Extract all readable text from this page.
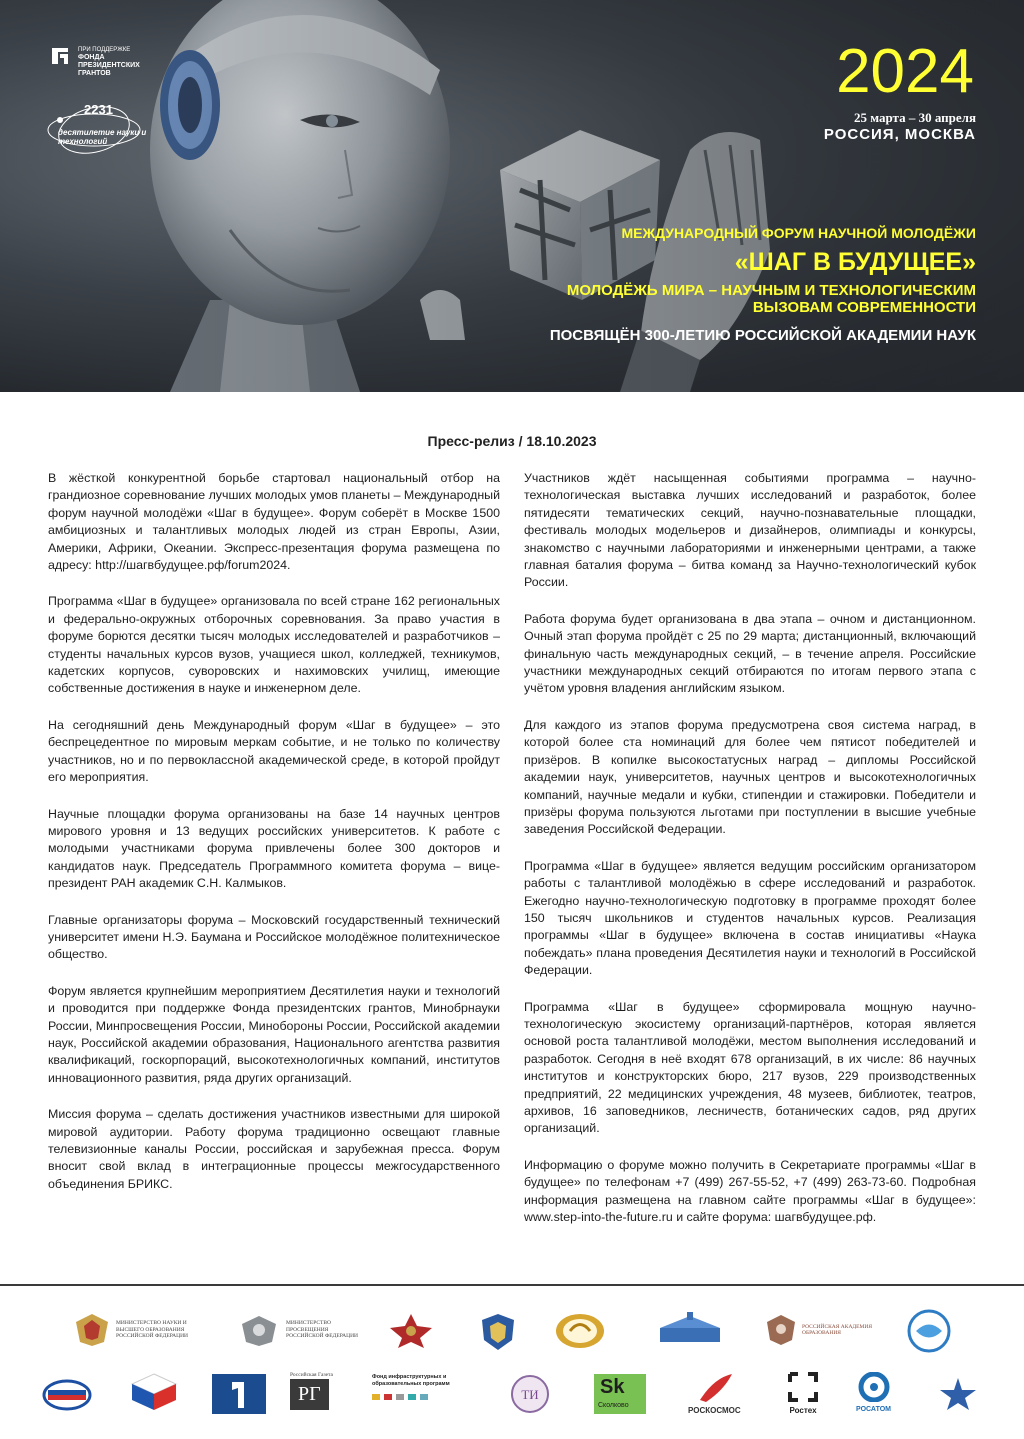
ПРИ ПОДДЕРЖКЕ
ФОНДА ПРЕЗИДЕНТСКИХ ГРАНТОВ
2231
десятилетие науки и технологий
2024
25 марта – 30 апреля
РОССИЯ, МОСКВА
МЕЖДУНАРОДНЫЙ ФОРУМ НАУЧНОЙ МОЛОДЁЖИ
«ШАГ В БУДУЩЕЕ»
МОЛОДЁЖЬ МИРА – НАУЧНЫМ И ТЕХНОЛОГИЧЕСКИМ ВЫЗОВАМ СОВРЕМЕННОСТИ
ПОСВЯЩЁН 300-ЛЕТИЮ РОССИЙСКОЙ АКАДЕМИИ НАУК
Пресс-релиз / 18.10.2023

В жёсткой конкурентной борьбе стартовал национальный отбор на грандиозное соревнование лучших молодых умов планеты – Международный форум научной молодёжи «Шаг в будущее». Форум соберёт в Москве 1500 амбициозных и талантливых молодых людей из стран Европы, Азии, Америки, Африки, Океании. Экспресс-презентация форума размещена по адресу: http://шагвбудущее.рф/forum2024.

Программа «Шаг в будущее» организовала по всей стране 162 региональных и федерально-окружных отборочных соревнования. За право участия в форуме борются десятки тысяч молодых исследователей и разработчиков – студенты начальных курсов вузов, учащиеся школ, колледжей, техникумов, кадетских корпусов, суворовских и нахимовских училищ, имеющие собственные достижения в науке и инженерном деле.

На сегодняшний день Международный форум «Шаг в будущее» – это беспрецедентное по мировым меркам событие, и не только по количеству участников, но и по первоклассной академической среде, в которой пройдут его мероприятия.

Научные площадки форума организованы на базе 14 научных центров мирового уровня и 13 ведущих российских университетов. К работе с молодыми участниками форума привлечены более 300 докторов и кандидатов наук. Председатель Программного комитета форума – вице-президент РАН академик С.Н. Калмыков.

Главные организаторы форума – Московский государственный технический университет имени Н.Э. Баумана и Российское молодёжное политехническое общество.

Форум является крупнейшим мероприятием Десятилетия науки и технологий и проводится при поддержке Фонда президентских грантов, Минобрнауки России, Минпросвещения России, Минобороны России, Российской академии наук, Российской академии образования, Национального агентства развития квалификаций, госкорпораций, высокотехнологичных компаний, институтов инновационного развития, ряда других организаций.

Миссия форума – сделать достижения участников известными для широкой мировой аудитории. Работу форума традиционно освещают главные телевизионные каналы России, российская и зарубежная пресса. Форум вносит свой вклад в интеграционные процессы межгосударственного объединения БРИКС.

Участников ждёт насыщенная событиями программа – научно-технологическая выставка лучших исследований и разработок, более пятидесяти тематических секций, научно-познавательные площадки, фестиваль молодых модельеров и дизайнеров, олимпиады и конкурсы, знакомство с научными лабораториями и инженерными центрами, а также главная баталия форума – битва команд за Научно-технологический кубок России.

Работа форума будет организована в два этапа – очном и дистанционном. Очный этап форума пройдёт с 25 по 29 марта; дистанционный, включающий финальную часть международных секций, – в течение апреля. Российские участники международных секций отбираются по итогам первого этапа с учётом уровня владения английским языком.

Для каждого из этапов форума предусмотрена своя система наград, в которой более ста номинаций для более чем пятисот победителей и призёров. В копилке высокостатусных наград – дипломы Российской академии наук, университетов, научных центров и высокотехнологичных компаний, научные медали и кубки, стипендии и стажировки. Победители и призёры форума пользуются льготами при поступлении в высшие учебные заведения Российской Федерации.

Программа «Шаг в будущее» является ведущим российским организатором работы с талантливой молодёжью в сфере исследований и разработок. Ежегодно научно-технологическую подготовку в программе проходят более 150 тысяч школьников и студентов начальных курсов. Реализация программы «Шаг в будущее» включена в состав инициативы «Наука побеждать» плана проведения Десятилетия науки и технологий в Российской Федерации.

Программа «Шаг в будущее» сформировала мощную научно-технологическую экосистему организаций-партнёров, которая является основой роста талантливой молодёжи, местом выполнения исследований и разработок. Сегодня в неё входят 678 организаций, в их числе: 86 научных институтов и конструкторских бюро, 217 вузов, 229 производственных предприятий, 22 медицинских учреждения, 48 музеев, библиотек, театров, архивов, 16 заповедников, лесничеств, ботанических садов, ряд других организаций.

Информацию о форуме можно получить в Секретариате программы «Шаг в будущее» по телефонам +7 (499) 267-55-52, +7 (499) 263-73-60. Подробная информация размещена на главном сайте программы «Шаг в будущее»: www.step-into-the-future.ru и сайте форума: шагвбудущее.рф.

МИНИСТЕРСТВО НАУКИ И ВЫСШЕГО ОБРАЗОВАНИЯ РОССИЙСКОЙ ФЕДЕРАЦИИ
МИНИСТЕРСТВО ПРОСВЕЩЕНИЯ РОССИЙСКОЙ ФЕДЕРАЦИИ
РОССИЙСКАЯ АКАДЕМИЯ ОБРАЗОВАНИЯ
Российская Газета
РГ
Фонд инфраструктурных и образовательных программ
ТИ	Sk
Сколково
РОСКОСМОС	Ростех	РОСАТОМ
